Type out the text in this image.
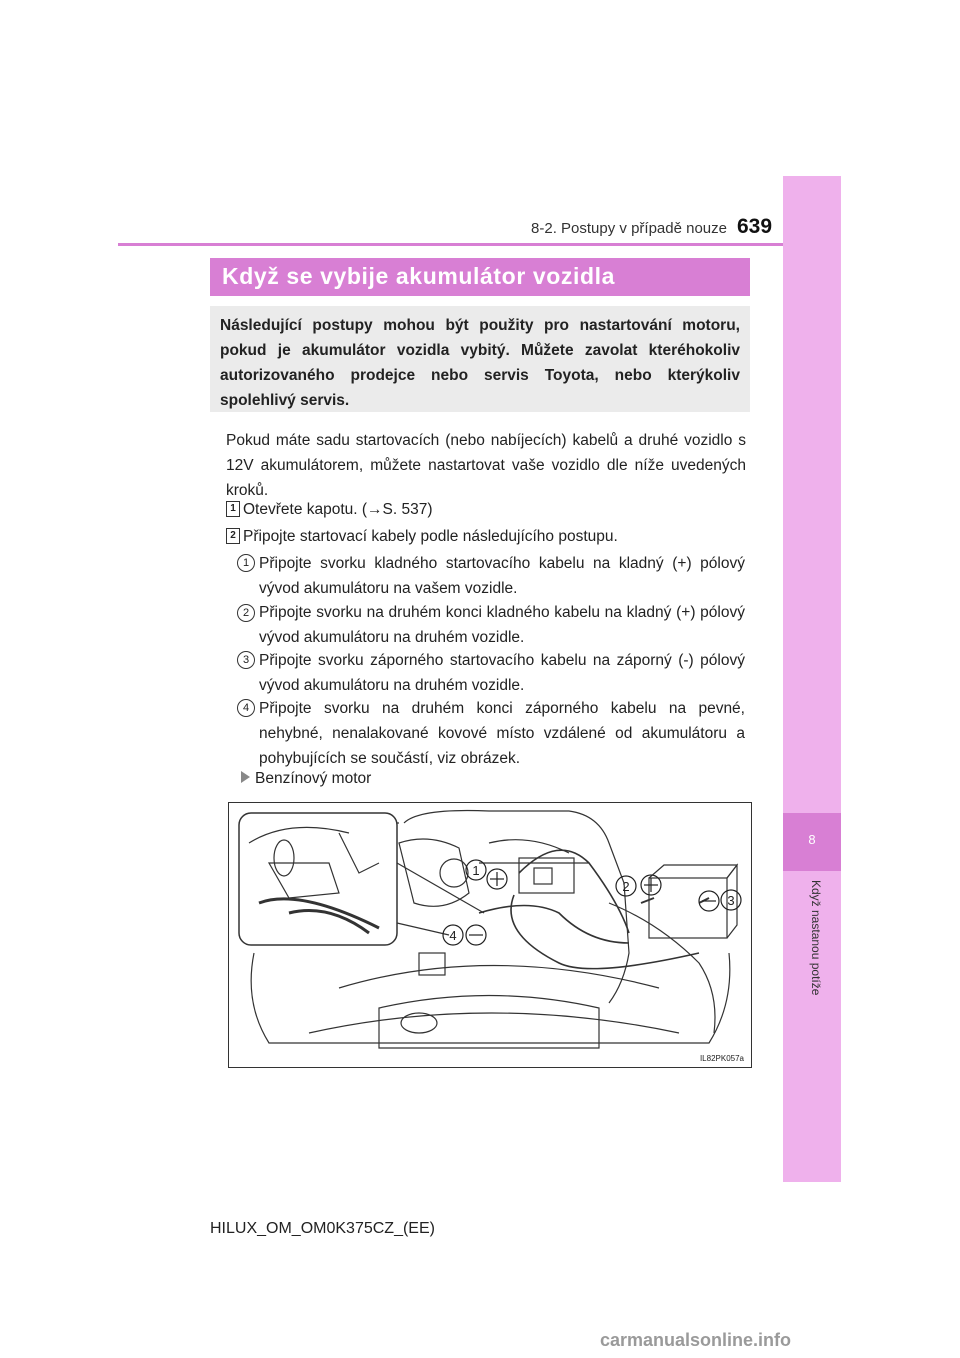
8
Když nastanou potíže
8-2. Postupy v případě nouze 639
Když se vybije akumulátor vozidla
Následující postupy mohou být použity pro nastartování motoru, pokud je akumulátor vozidla vybitý. Můžete zavolat kteréhokoliv autorizovaného prodejce nebo servis Toyota, nebo kterýkoliv spolehlivý servis.
Pokud máte sadu startovacích (nebo nabíjecích) kabelů a druhé vozidlo s 12V akumulátorem, můžete nastartovat vaše vozidlo dle níže uvedených kroků.
1 Otevřete kapotu. (→S. 537)
2 Připojte startovací kabely podle následujícího postupu.
1 Připojte svorku kladného startovacího kabelu na kladný (+) pólový vývod akumulátoru na vašem vozidle.
2 Připojte svorku na druhém konci kladného kabelu na kladný (+) pólový vývod akumulátoru na druhém vozidle.
3 Připojte svorku záporného startovacího kabelu na záporný (-) pólový vývod akumulátoru na druhém vozidle.
4 Připojte svorku na druhém konci záporného kabelu na pevné, nehybné, nenalakované kovové místo vzdálené od akumulátoru a pohybujících se součástí, viz obrázek.
Benzínový motor
1
2
3
4
IL82PK057a
HILUX_OM_OM0K375CZ_(EE)
carmanualsonline.info
